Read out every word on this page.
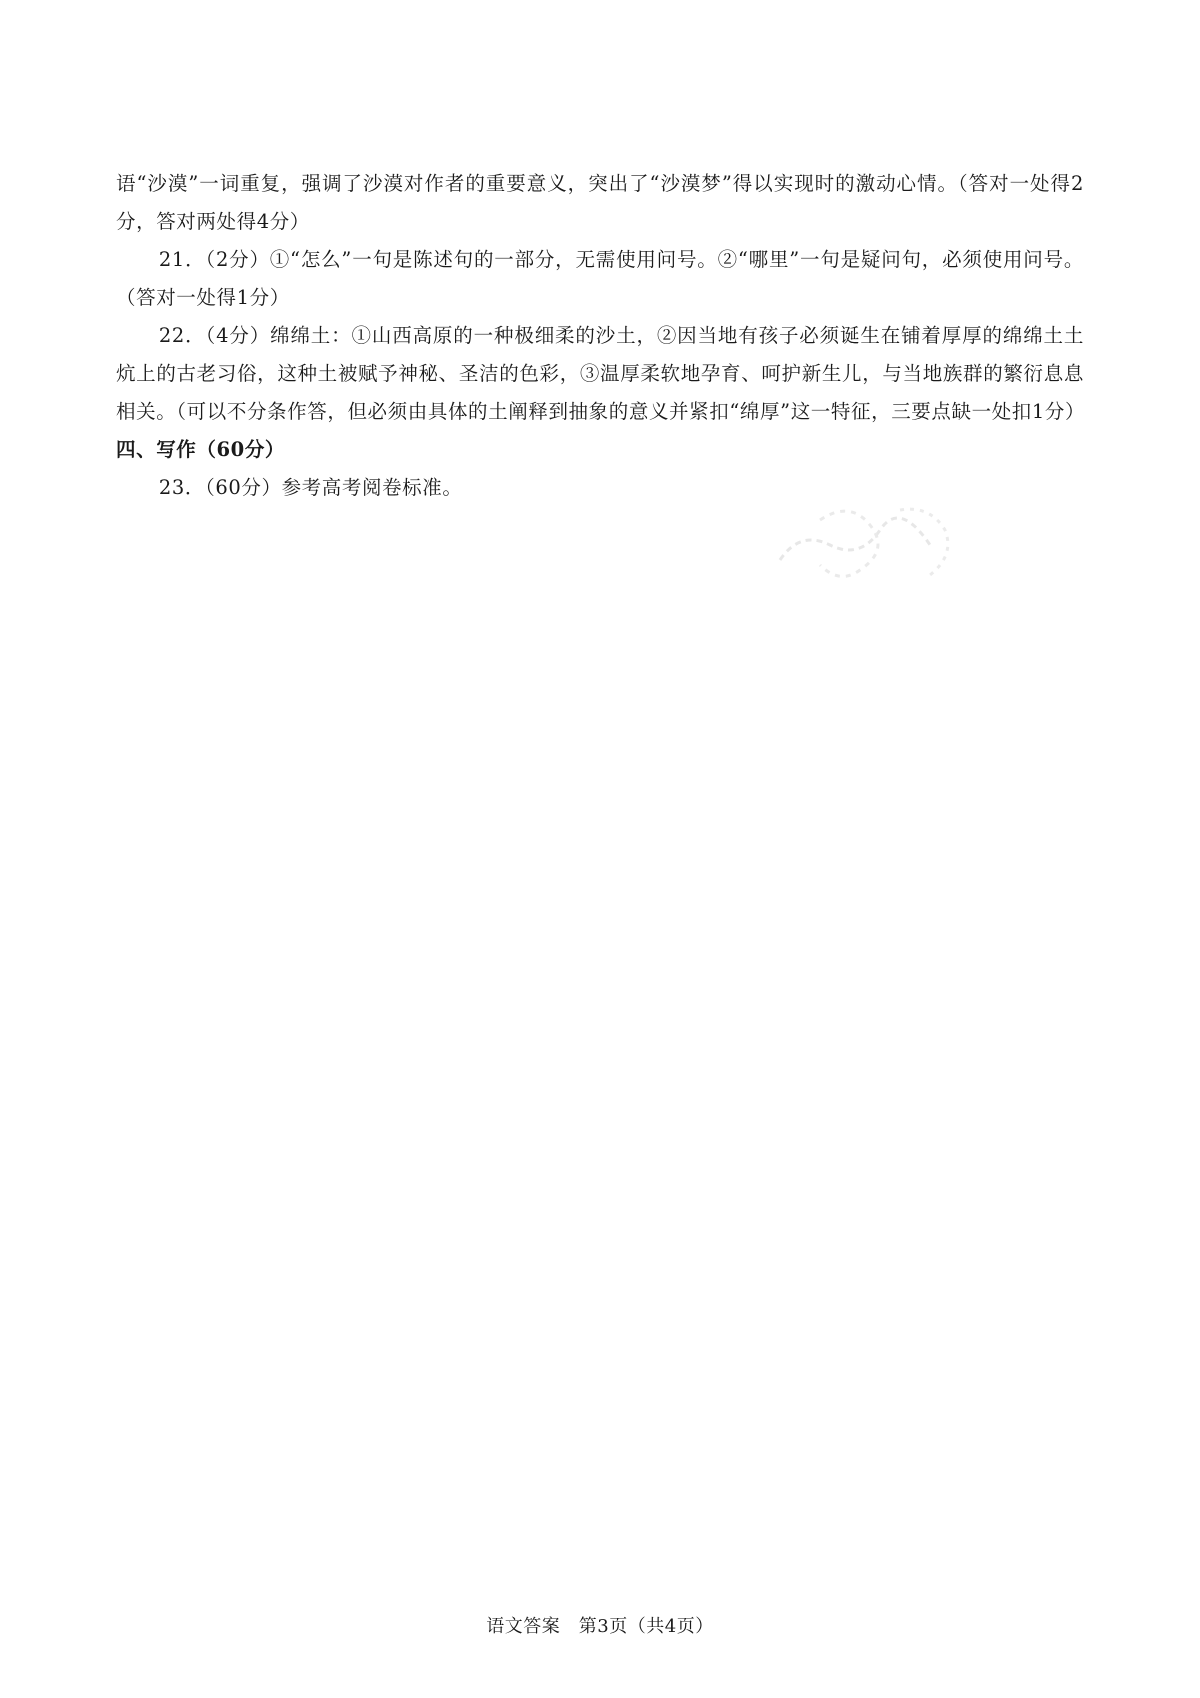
语“沙漠”一词重复，强调了沙漠对作者的重要意义，突出了“沙漠梦”得以实现时的激动心情。（答对一处得2分，答对两处得4分）

21．（2分）①“怎么”一句是陈述句的一部分，无需使用问号。②“哪里”一句是疑问句，必须使用问号。（答对一处得1分）

22．（4分）绵绵土：①山西高原的一种极细柔的沙土，②因当地有孩子必须诞生在铺着厚厚的绵绵土土炕上的古老习俗，这种土被赋予神秘、圣洁的色彩，③温厚柔软地孕育、呵护新生儿，与当地族群的繁衍息息相关。（可以不分条作答，但必须由具体的土阐释到抽象的意义并紧扣“绵厚”这一特征，三要点缺一处扣1分）

四、写作（60分）

23．（60分）参考高考阅卷标准。

语文答案　第3页（共4页）
